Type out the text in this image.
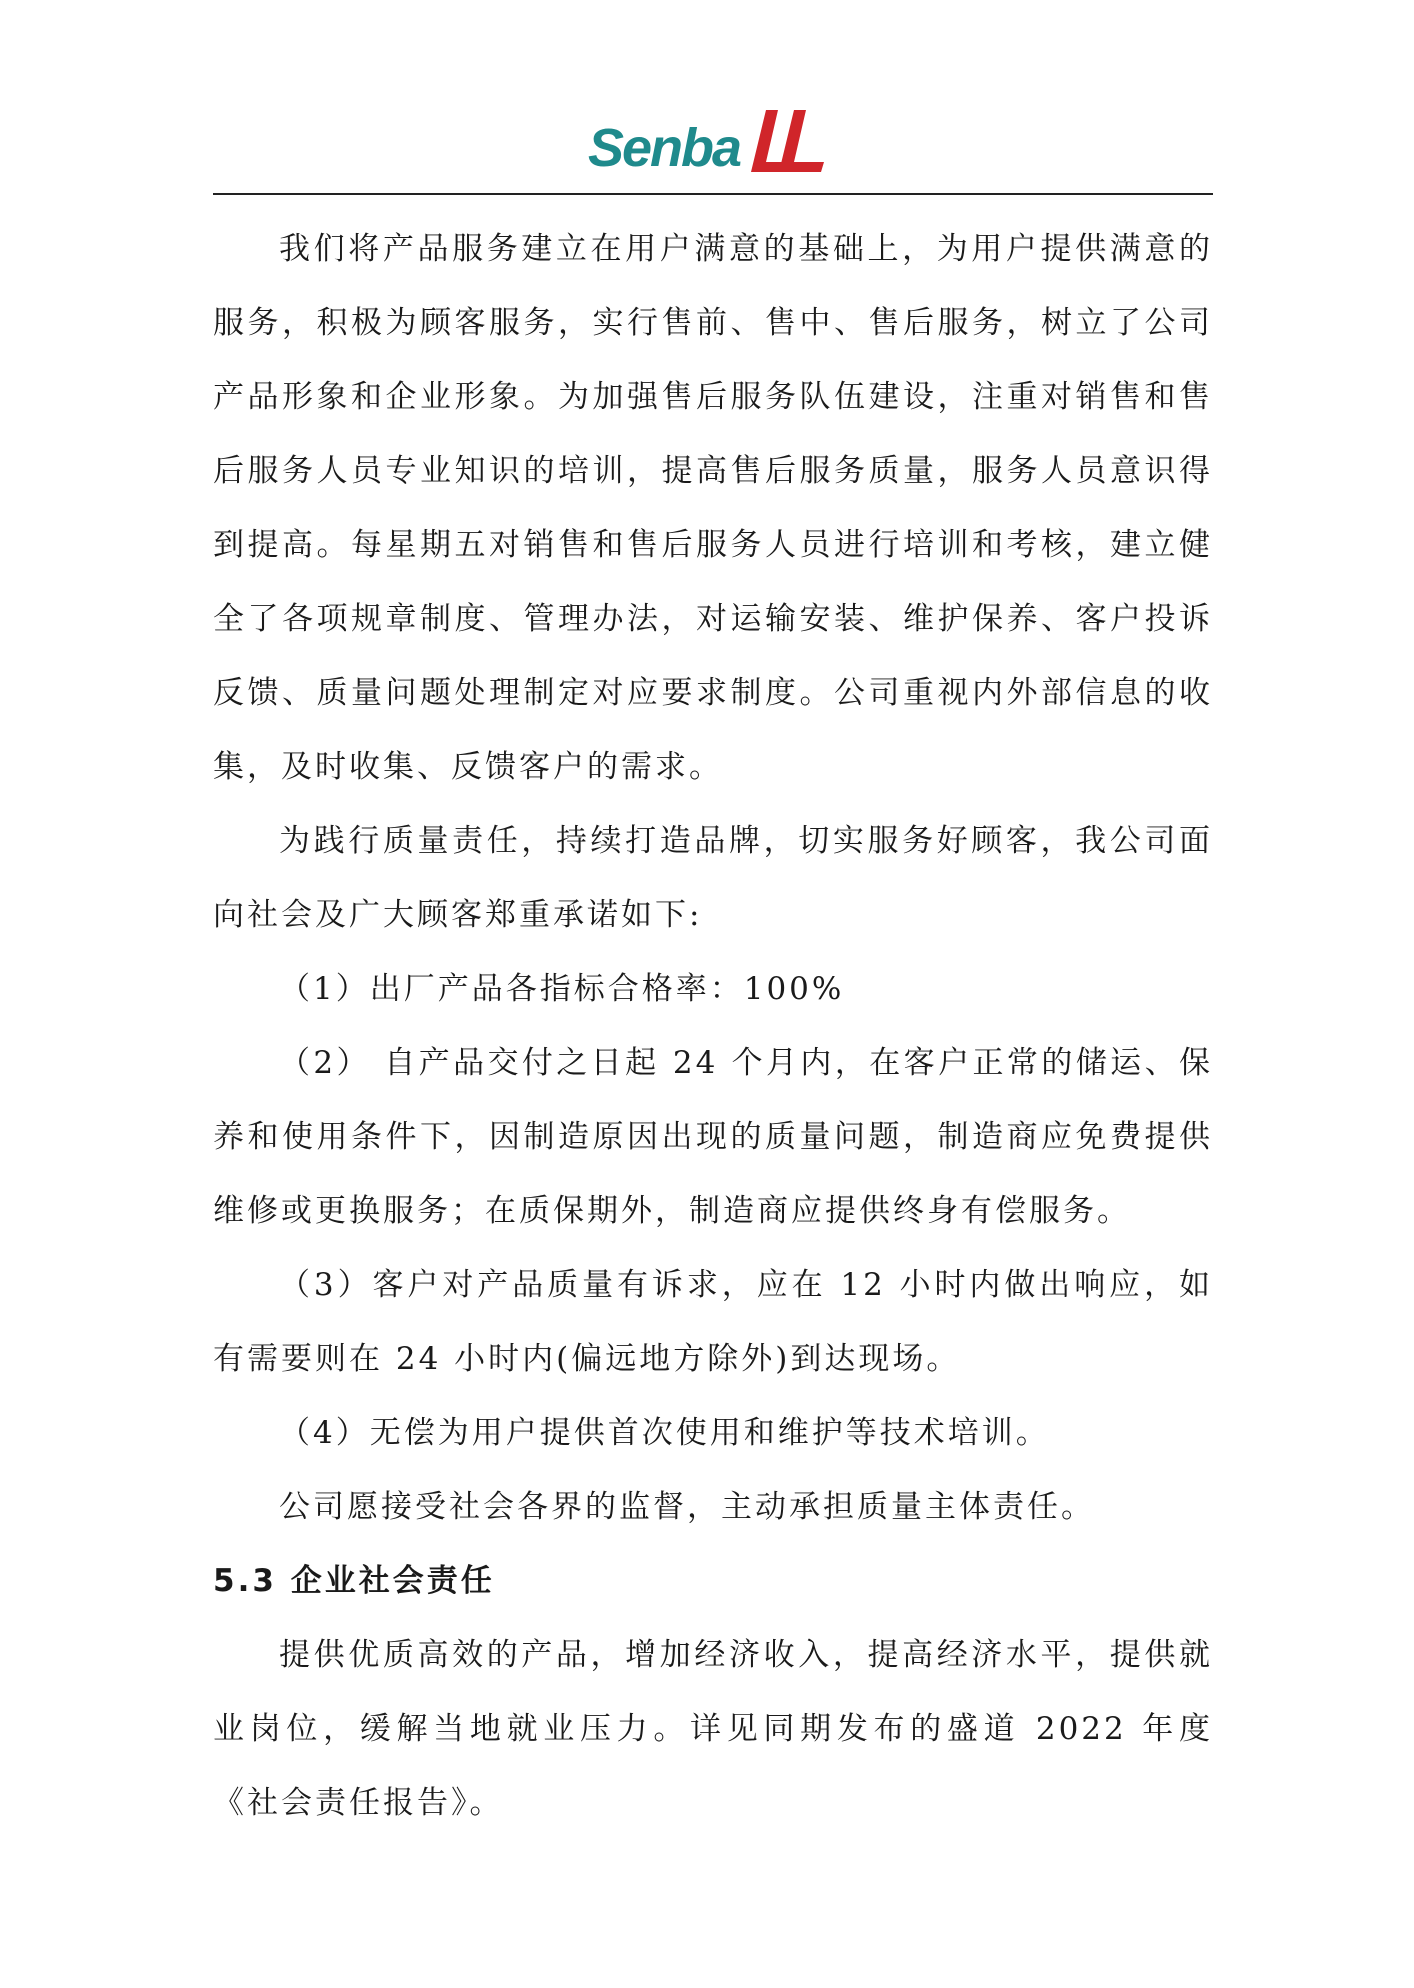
Senba

我们将产品服务建立在用户满意的基础上，为用户提供满意的服务，积极为顾客服务，实行售前、售中、售后服务，树立了公司产品形象和企业形象。为加强售后服务队伍建设，注重对销售和售后服务人员专业知识的培训，提高售后服务质量，服务人员意识得到提高。每星期五对销售和售后服务人员进行培训和考核，建立健全了各项规章制度、管理办法，对运输安装、维护保养、客户投诉反馈、质量问题处理制定对应要求制度。公司重视内外部信息的收集，及时收集、反馈客户的需求。

为践行质量责任，持续打造品牌，切实服务好顾客，我公司面向社会及广大顾客郑重承诺如下:

（1）出厂产品各指标合格率：100%

（2） 自产品交付之日起 24 个月内，在客户正常的储运、保养和使用条件下，因制造原因出现的质量问题，制造商应免费提供维修或更换服务；在质保期外，制造商应提供终身有偿服务。

（3）客户对产品质量有诉求，应在 12 小时内做出响应，如有需要则在 24 小时内(偏远地方除外)到达现场。

（4）无偿为用户提供首次使用和维护等技术培训。

公司愿接受社会各界的监督，主动承担质量主体责任。

5.3 企业社会责任

提供优质高效的产品，增加经济收入，提高经济水平，提供就业岗位，缓解当地就业压力。详见同期发布的盛道 2022 年度《社会责任报告》。
